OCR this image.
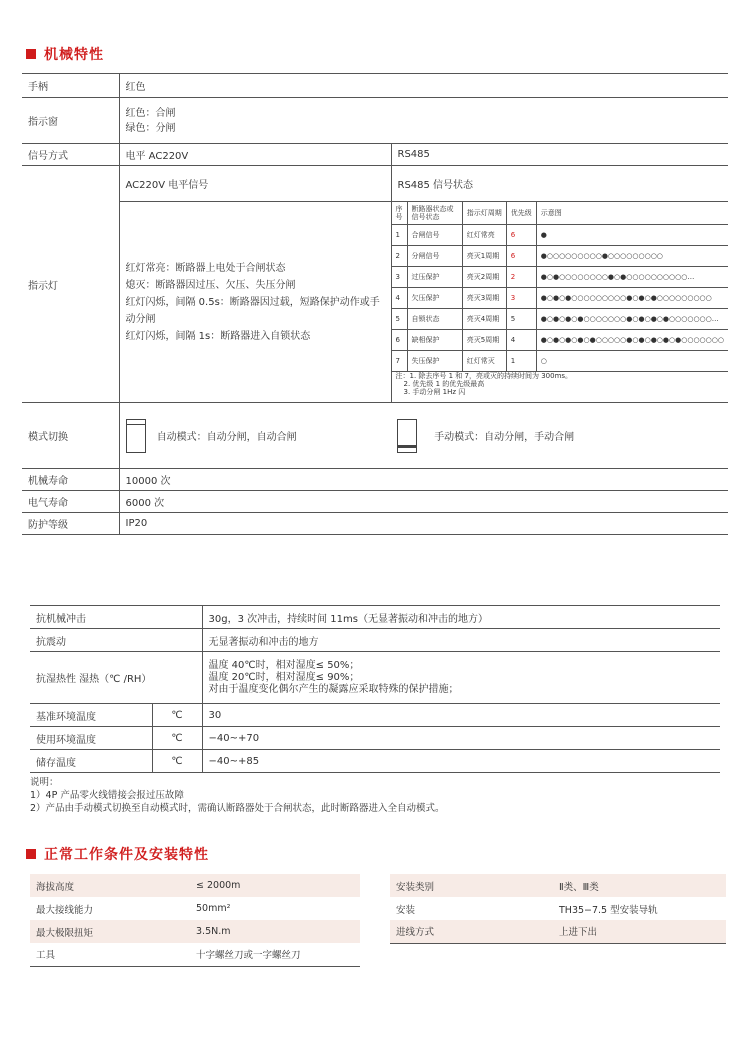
机械特性
手柄	红色
指示窗	
红色：合闸
绿色：分闸

信号方式	电平 AC220V	RS485
指示灯	AC220V 电平信号	RS485 信号状态

红灯常亮：断路器上电处于合闸状态
熄灭：断路器因过压、欠压、失压分闸
红灯闪烁，间隔 0.5s：断路器因过载，短路保护动作或手
动分闸
红灯闪烁，间隔 1s：断路器进入自锁状态

序号	断路器状态或信号状态	指示灯周期	优先级	示意图
1	合闸信号	红灯常亮	6	●
2	分闸信号	亮灭1周期	6	●○○○○○○○○○●○○○○○○○○○
3	过压保护	亮灭2周期	2	●○●○○○○○○○○●○●○○○○○○○○○○…
4	欠压保护	亮灭3周期	3	●○●○●○○○○○○○○○●○●○●○○○○○○○○○
5	自锁状态	亮灭4周期	5	●○●○●○●○○○○○○○●○●○●○●○○○○○○○…
6	缺相保护	亮灭5周期	4	●○●○●○●○●○○○○○●○●○●○●○●○○○○○○○
7	失压保护	红灯常灭	1	○

注：1. 除去序号 1 和 7，亮或灭的持续时间为 300ms。
2. 优先级 1 的优先级最高
3. 手动分闸 1Hz 闪

模式切换	自动模式：自动分闸，自动合闸	手动模式：自动分闸，手动合闸
机械寿命	10000 次
电气寿命	6000 次
防护等级	IP20
抗机械冲击		30g，3 次冲击，持续时间 11ms（无显著振动和冲击的地方）
抗震动		无显著振动和冲击的地方
抗湿热性 湿热（℃ /RH）		温度 40℃时，相对湿度≤ 50%；
温度 20℃时，相对湿度≤ 90%；
对由于温度变化偶尔产生的凝露应采取特殊的保护措施；

基准环境温度	℃	30
使用环境温度	℃	−40~+70
储存温度	℃	−40~+85
说明：
1）4P 产品零火线错接会报过压故障
2）产品由手动模式切换至自动模式时，需确认断路器处于合闸状态，此时断路器进入全自动模式。
正常工作条件及安装特性
海拔高度	≤ 2000m
最大接线能力	50mm²
最大极限扭矩	3.5N.m
工具	十字螺丝刀或一字螺丝刀
安装类别	Ⅱ类、Ⅲ类
安装	TH35−7.5 型安装导轨
进线方式	上进下出
